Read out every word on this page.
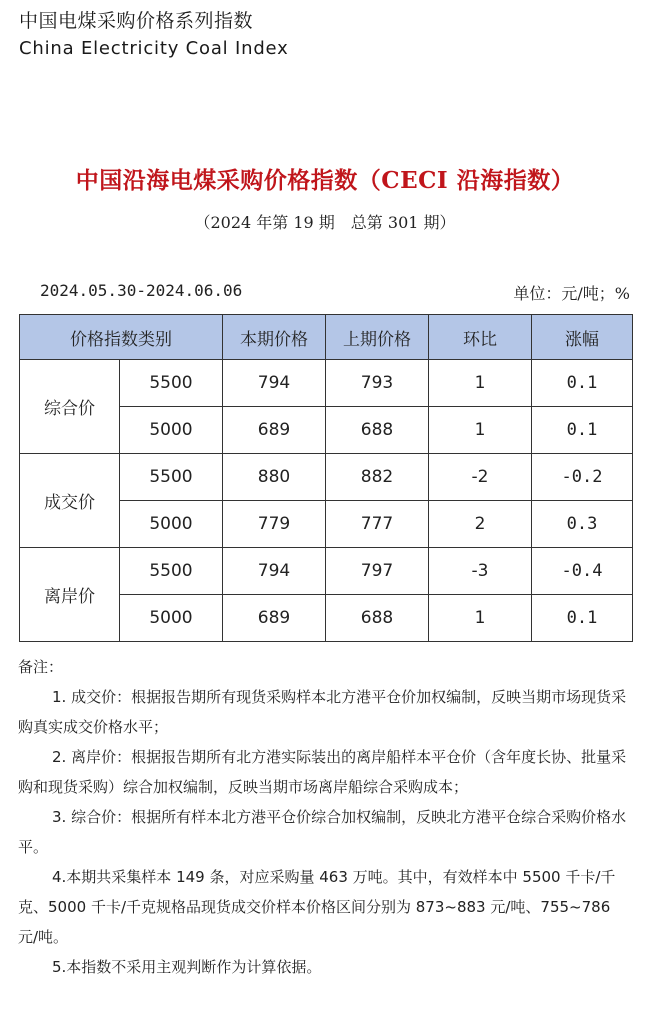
中国电煤采购价格系列指数
China Electricity Coal Index
中国沿海电煤采购价格指数（CECI 沿海指数）
（2024 年第 19 期　总第 301 期）
2024.05.30-2024.06.06	单位：元/吨；%
价格指数类别		本期价格	上期价格	环比	涨幅
综合价	5500	794	793	1	0.1
	5000	689	688	1	0.1
成交价	5500	880	882	-2	-0.2
	5000	779	777	2	0.3
离岸价	5500	794	797	-3	-0.4
	5000	689	688	1	0.1

备注：

1. 成交价：根据报告期所有现货采购样本北方港平仓价加权编制，反映当期市场现货采购真实成交价格水平；

2. 离岸价：根据报告期所有北方港实际装出的离岸船样本平仓价（含年度长协、批量采购和现货采购）综合加权编制，反映当期市场离岸船综合采购成本；

3. 综合价：根据所有样本北方港平仓价综合加权编制，反映北方港平仓综合采购价格水平。

4.本期共采集样本 149 条，对应采购量 463 万吨。其中，有效样本中 5500 千卡/千克、5000 千卡/千克规格品现货成交价样本价格区间分别为 873~883 元/吨、755~786 元/吨。

5.本指数不采用主观判断作为计算依据。
